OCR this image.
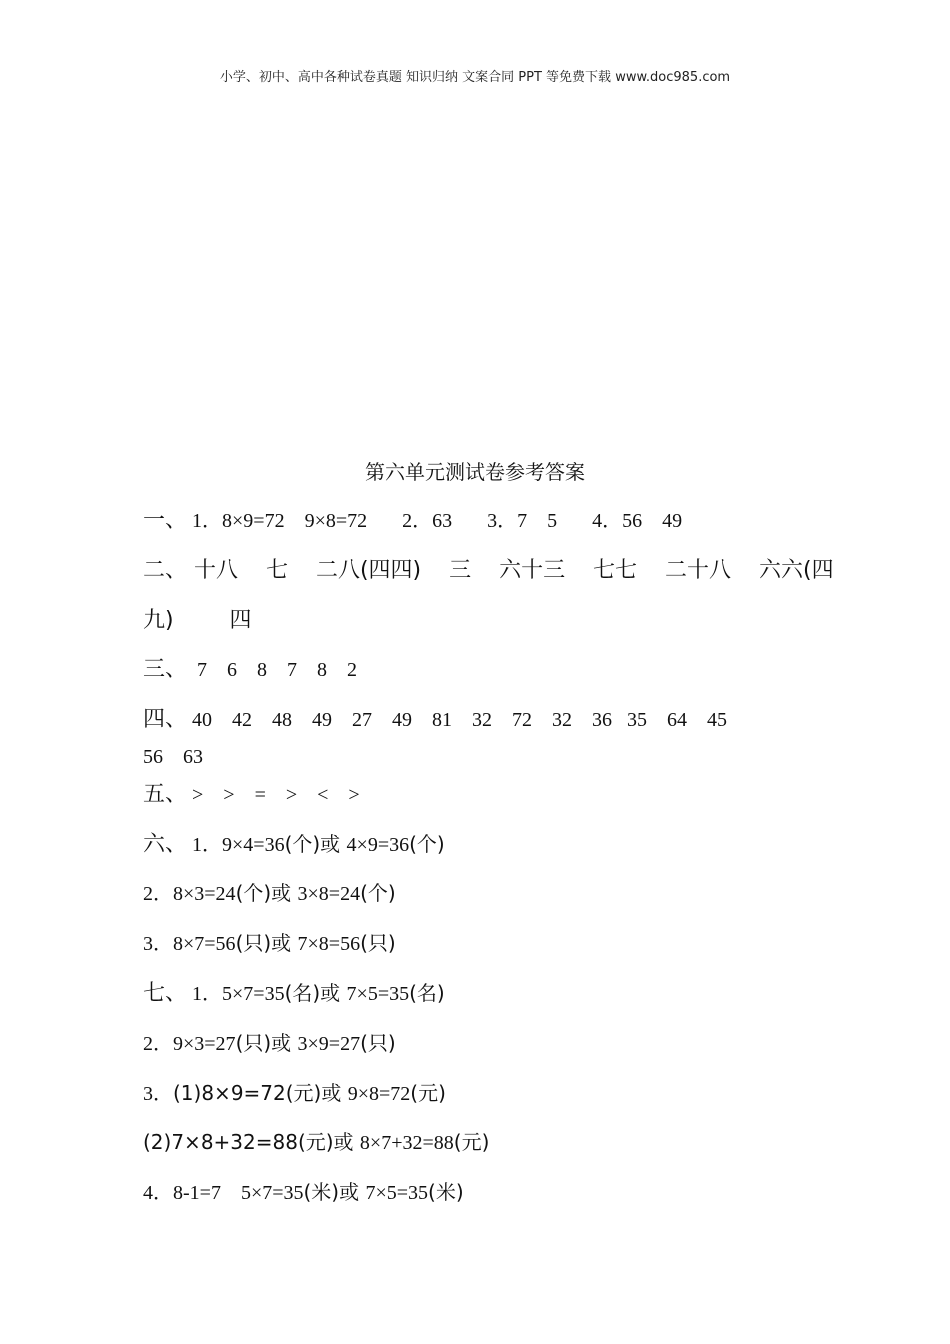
小学、初中、高中各种试卷真题 知识归纳 文案合同 PPT 等免费下载 www.doc985.com
第六单元测试卷参考答案
一、 1．8×9=72    9×8=72       2．63       3．7    5       4．56    49
二、 十八    七    二八(四四)    三    六十三    七七    二十八    六六(四
九)        四
三、  7    6    8    7    8    2
四、 40    42    48    49    27    49    81    32    72    32    36   35    64    45
56    63
五、 >    >    =    >    <    >
六、 1．9×4=36(个)或 4×9=36(个)
2．8×3=24(个)或 3×8=24(个)
3．8×7=56(只)或 7×8=56(只)
七、 1．5×7=35(名)或 7×5=35(名)
2．9×3=27(只)或 3×9=27(只)
3．(1)8×9=72(元)或 9×8=72(元)
(2)7×8+32=88(元)或 8×7+32=88(元)
4．8-1=7    5×7=35(米)或 7×5=35(米)
